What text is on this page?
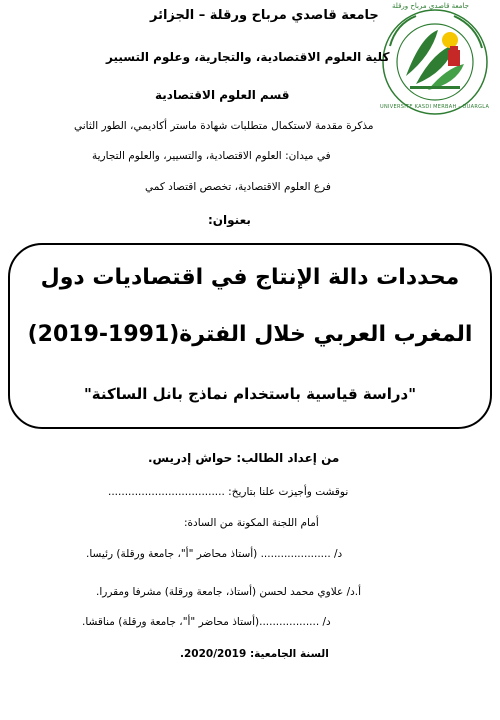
جامعة قاصدي مرباح ورقلة
UNIVERSITE KASDI MERBAH - OUARGLA
جامعة قاصدي مرباح ورقلة – الجزائر
كلية العلوم الاقتصادية، والتجارية، وعلوم التسيير
قسم العلوم الاقتصادية
مذكرة مقدمة لاستكمال متطلبات شهادة ماستر أكاديمي، الطور الثاني
في ميدان: العلوم الاقتصادية، والتسيير، والعلوم التجارية
فرع العلوم الاقتصادية، تخصص اقتصاد كمي
بعنوان:
محددات دالة الإنتاج في اقتصاديات دول
المغرب العربي خلال الفترة(1991-2019)
"دراسة قياسية باستخدام نماذج بانل الساكنة"
من إعداد الطالب: حواش إدريس.
نوقشت وأجيزت علنا بتاريخ: ...................................
أمام اللجنة المكونة من السادة:
د/ ..................... (أستاذ محاضر "أ"، جامعة ورقلة) رئيسا.
أ.د/ علاوي محمد لحسن (أستاذ، جامعة ورقلة) مشرفا ومقررا.
د/ ..................(أستاذ محاضر "أ"، جامعة ورقلة) مناقشا.
السنة الجامعية: 2020/2019.
